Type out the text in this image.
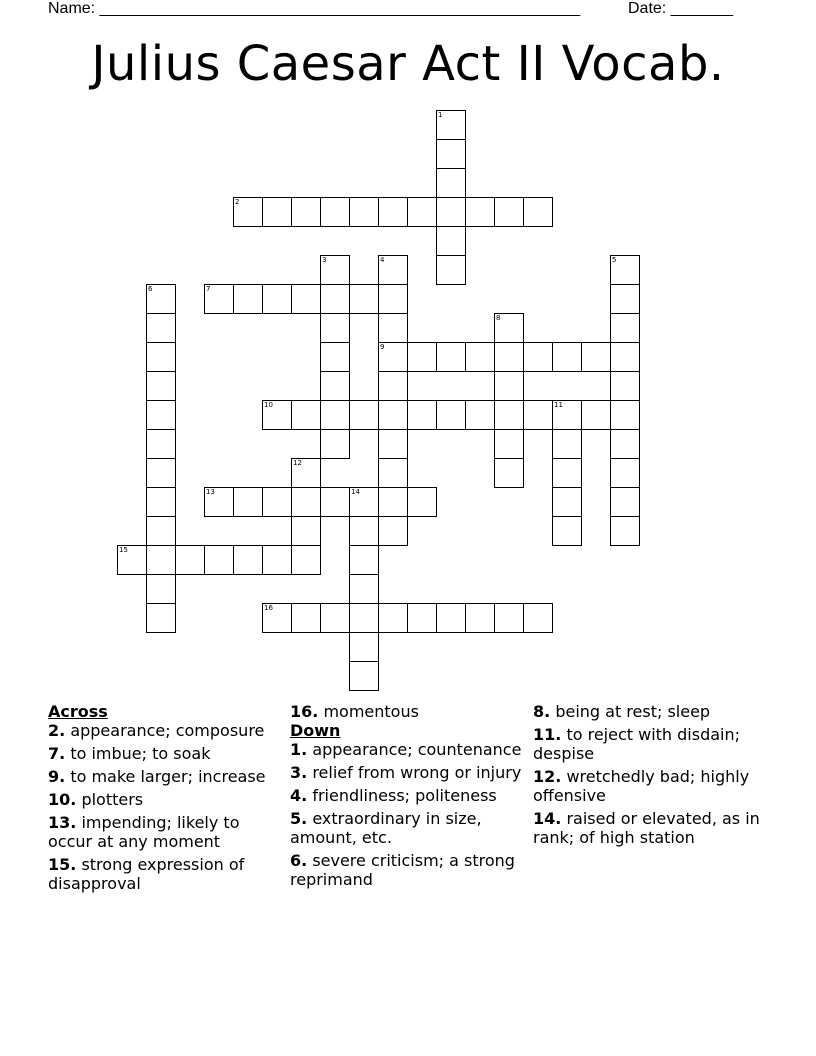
Name: ______________________________________________________	Date: _______
Julius Caesar Act II Vocab.
1
2
3	4
9
5
6	7
8
10	11
12
13	14
15
16
Across
2. appearance; composure
7. to imbue; to soak
9. to make larger; increase
10. plotters
13. impending; likely to occur at any moment
15. strong expression of disapproval
16. momentous
Down
1. appearance; countenance
3. relief from wrong or injury
4. friendliness; politeness
5. extraordinary in size, amount, etc.
6. severe criticism; a strong reprimand
8. being at rest; sleep
11. to reject with disdain; despise
12. wretchedly bad; highly offensive
14. raised or elevated, as in rank; of high station
